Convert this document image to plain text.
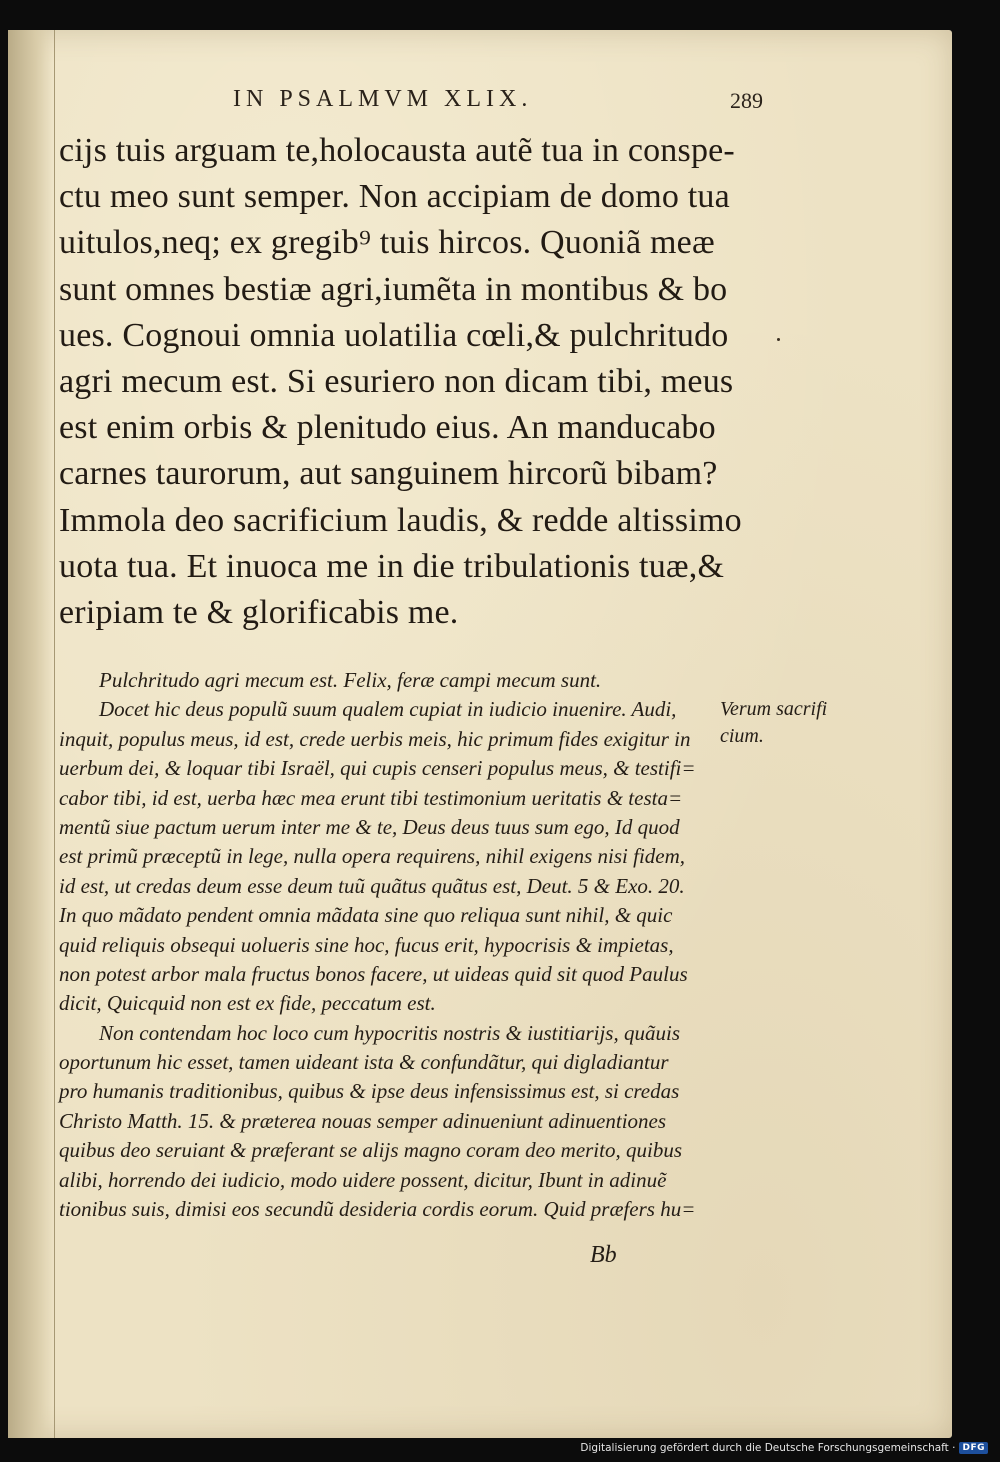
IN PSALMVM XLIX.	289
cijs tuis arguam te,holocausta autẽ tua in conspe-
ctu meo sunt semper. Non accipiam de domo tua
uitulos,neq; ex gregib⁹ tuis hircos. Quoniã meæ
sunt omnes bestiæ agri,iumẽta in montibus & bo
ues. Cognoui omnia uolatilia cœli,& pulchritudo
agri mecum est. Si esuriero non dicam tibi, meus
est enim orbis & plenitudo eius. An manducabo
carnes taurorum, aut sanguinem hircorũ bibam?
Immola deo sacrificium laudis, & redde altissimo
uota tua. Et inuoca me in die tribulationis tuæ,&
eripiam te & glorificabis me.
Pulchritudo agri mecum est. Felix, feræ campi mecum sunt.
Docet hic deus populũ suum qualem cupiat in iudicio inuenire. Audi,
inquit, populus meus, id est, crede uerbis meis, hic primum fides exigitur in
uerbum dei, & loquar tibi Israël, qui cupis censeri populus meus, & testifi=
cabor tibi, id est, uerba hæc mea erunt tibi testimonium ueritatis & testa=
mentũ siue pactum uerum inter me & te, Deus deus tuus sum ego, Id quod
est primũ præceptũ in lege, nulla opera requirens, nihil exigens nisi fidem,
id est, ut credas deum esse deum tuũ quãtus quãtus est, Deut. 5 & Exo. 20.
In quo mãdato pendent omnia mãdata sine quo reliqua sunt nihil, & quic
quid reliquis obsequi uolueris sine hoc, fucus erit, hypocrisis & impietas,
non potest arbor mala fructus bonos facere, ut uideas quid sit quod Paulus
dicit, Quicquid non est ex fide, peccatum est.
Non contendam hoc loco cum hypocritis nostris & iustitiarijs, quãuis
oportunum hic esset, tamen uideant ista & confundãtur, qui digladiantur
pro humanis traditionibus, quibus & ipse deus infensissimus est, si credas
Christo Matth. 15. & præterea nouas semper adinueniunt adinuentiones
quibus deo seruiant & præferant se alijs magno coram deo merito, quibus
alibi, horrendo dei iudicio, modo uidere possent, dicitur, Ibunt in adinuẽ
tionibus suis, dimisi eos secundũ desideria cordis eorum. Quid præfers hu=
Verum sacrifi
cium.
Bb
Digitalisierung gefördert durch die Deutsche Forschungsgemeinschaft · DFG
